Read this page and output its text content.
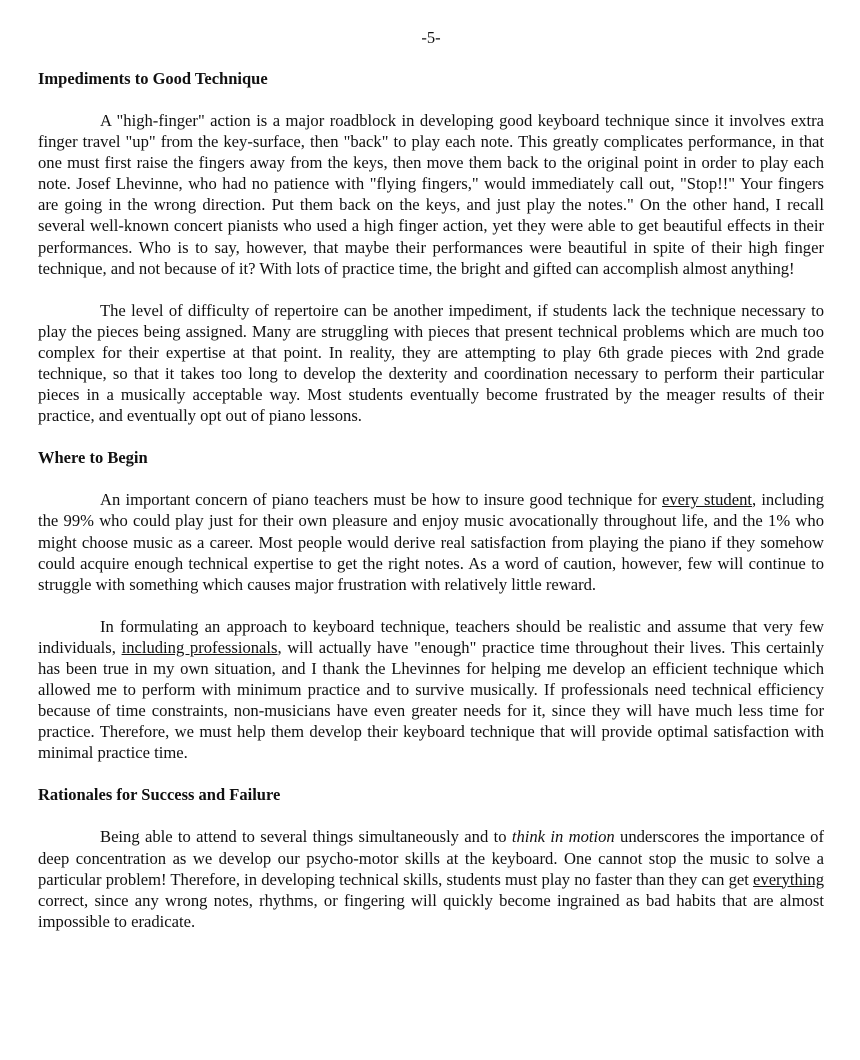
-5-
Impediments to Good Technique

A "high-finger" action is a major roadblock in developing good keyboard technique since it involves extra finger travel "up" from the key-surface, then "back" to play each note. This greatly complicates performance, in that one must first raise the fingers away from the keys, then move them back to the original point in order to play each note. Josef Lhevinne, who had no patience with "flying fingers," would immediately call out, "Stop!!" Your fingers are going in the wrong direction. Put them back on the keys, and just play the notes." On the other hand, I recall several well-known concert pianists who used a high finger action, yet they were able to get beautiful effects in their performances. Who is to say, however, that maybe their performances were beautiful in spite of their high finger technique, and not because of it? With lots of practice time, the bright and gifted can accomplish almost anything!

The level of difficulty of repertoire can be another impediment, if students lack the technique necessary to play the pieces being assigned. Many are struggling with pieces that present technical problems which are much too complex for their expertise at that point. In reality, they are attempting to play 6th grade pieces with 2nd grade technique, so that it takes too long to develop the dexterity and coordination necessary to perform their particular pieces in a musically acceptable way. Most students eventually become frustrated by the meager results of their practice, and eventually opt out of piano lessons.

Where to Begin

An important concern of piano teachers must be how to insure good technique for every student, including the 99% who could play just for their own pleasure and enjoy music avocationally throughout life, and the 1% who might choose music as a career. Most people would derive real satisfaction from playing the piano if they somehow could acquire enough technical expertise to get the right notes. As a word of caution, however, few will continue to struggle with something which causes major frustration with relatively little reward.

In formulating an approach to keyboard technique, teachers should be realistic and assume that very few individuals, including professionals, will actually have "enough" practice time throughout their lives. This certainly has been true in my own situation, and I thank the Lhevinnes for helping me develop an efficient technique which allowed me to perform with minimum practice and to survive musically. If professionals need technical efficiency because of time constraints, non-musicians have even greater needs for it, since they will have much less time for practice. Therefore, we must help them develop their keyboard technique that will provide optimal satisfaction with minimal practice time.

Rationales for Success and Failure

Being able to attend to several things simultaneously and to think in motion underscores the importance of deep concentration as we develop our psycho-motor skills at the keyboard. One cannot stop the music to solve a particular problem! Therefore, in developing technical skills, students must play no faster than they can get everything correct, since any wrong notes, rhythms, or fingering will quickly become ingrained as bad habits that are almost impossible to eradicate.
